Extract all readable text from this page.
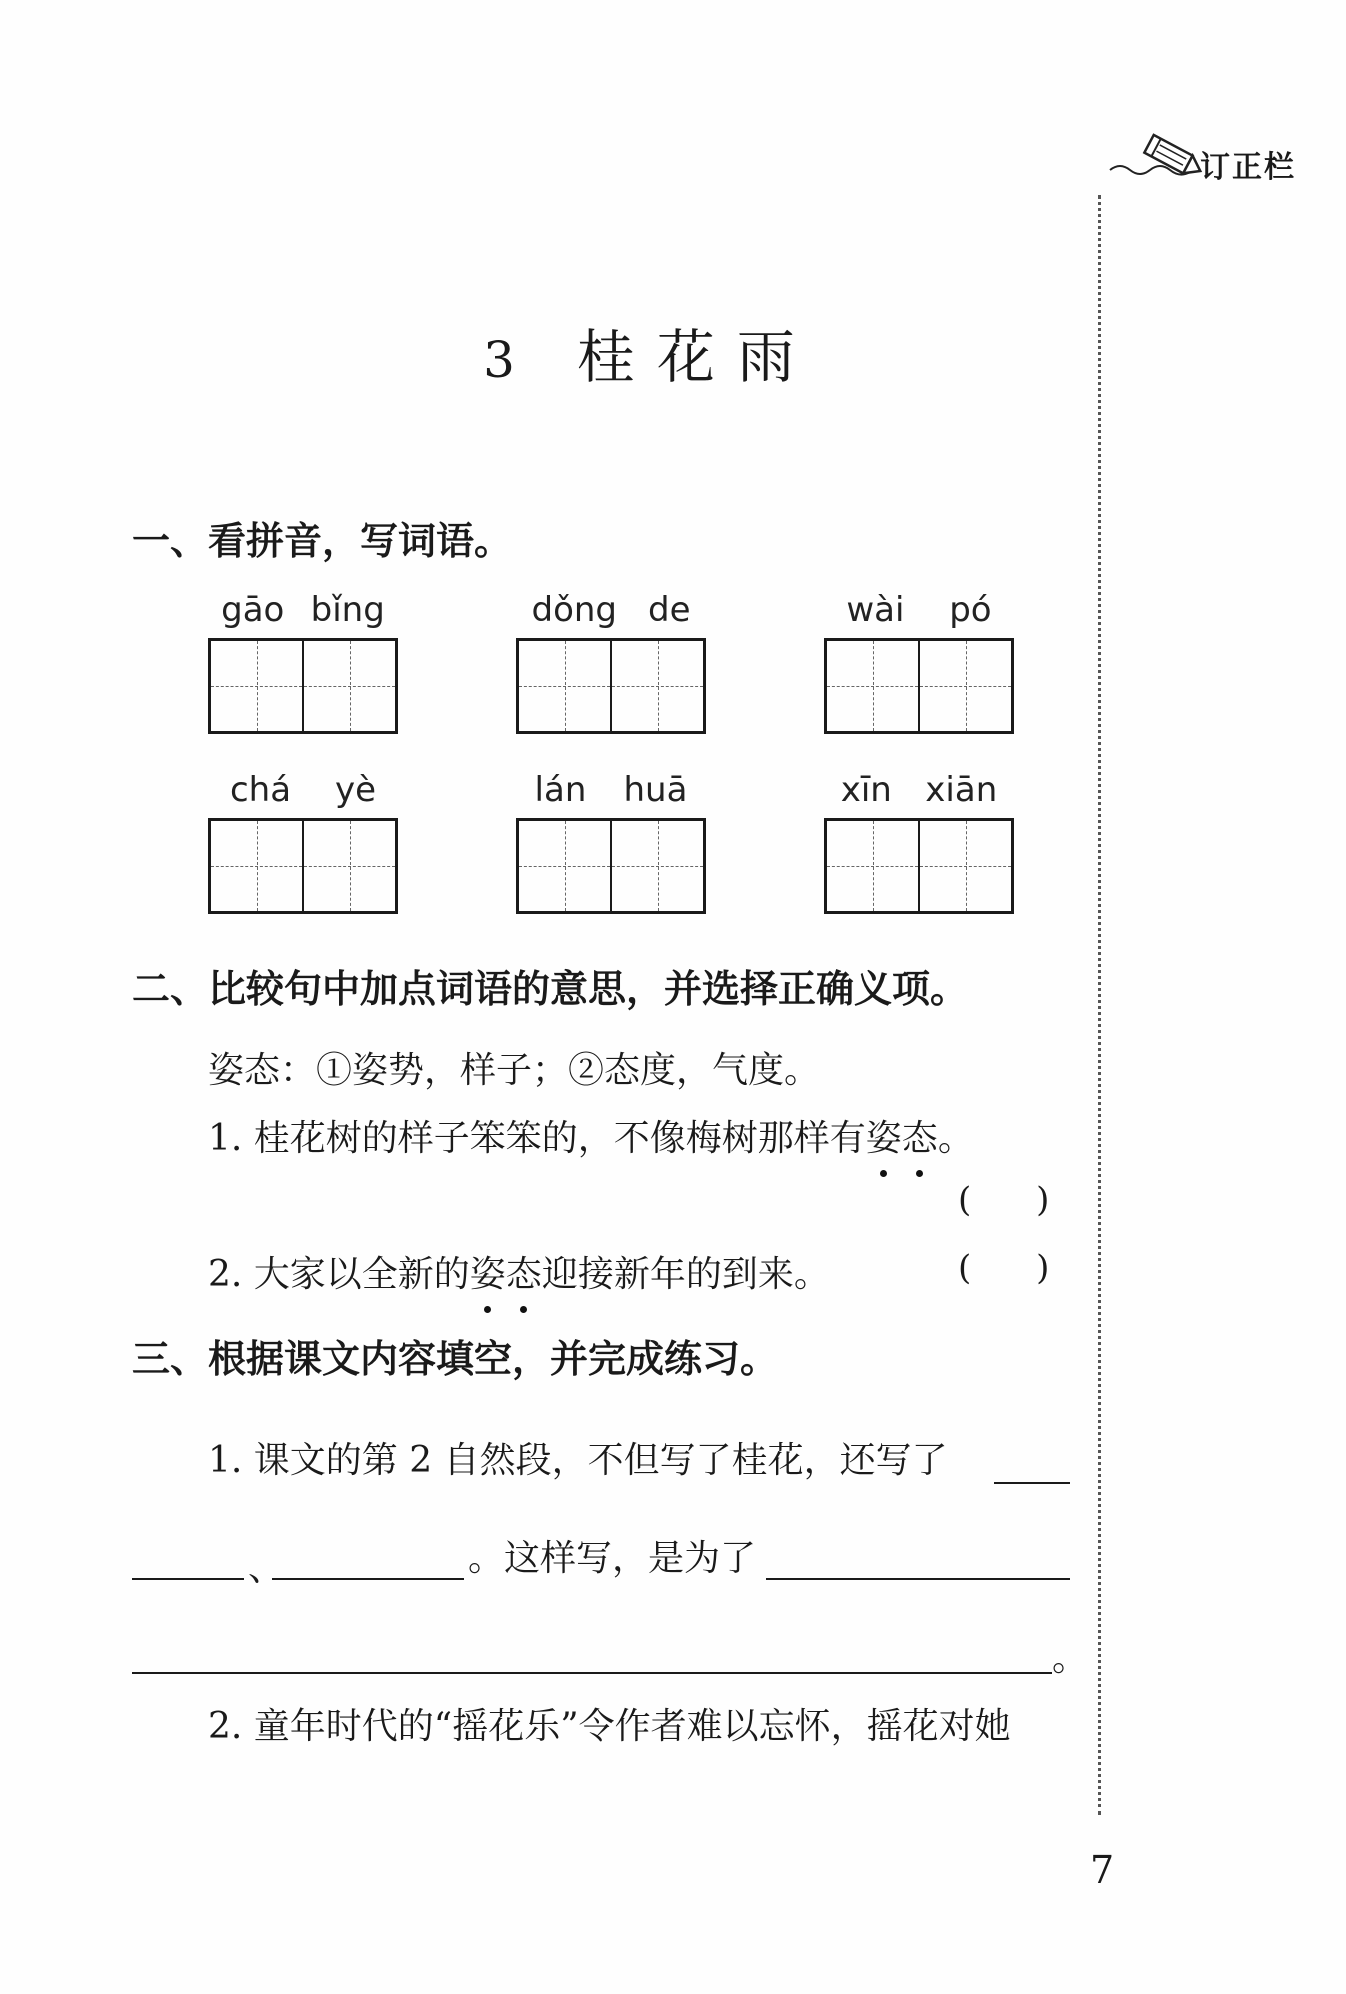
订正栏
3 桂花雨
一、看拼音，写词语。
gāo bǐng	dǒng de	wài pó
chá yè	lán huā	xīn xiān
二、比较句中加点词语的意思，并选择正确义项。
姿态：①姿势，样子；②态度，气度。
1. 桂花树的样子笨笨的，不像梅树那样有姿态
。
(      )
2. 大家以全新的姿态
迎接新年的到来。	(      )
三、根据课文内容填空，并完成练习。
1. 课文的第 2 自然段，不但写了桂花，还写了
、	。这样写，是为了
。
2. 童年时代的“摇花乐”令作者难以忘怀，摇花对她
7
